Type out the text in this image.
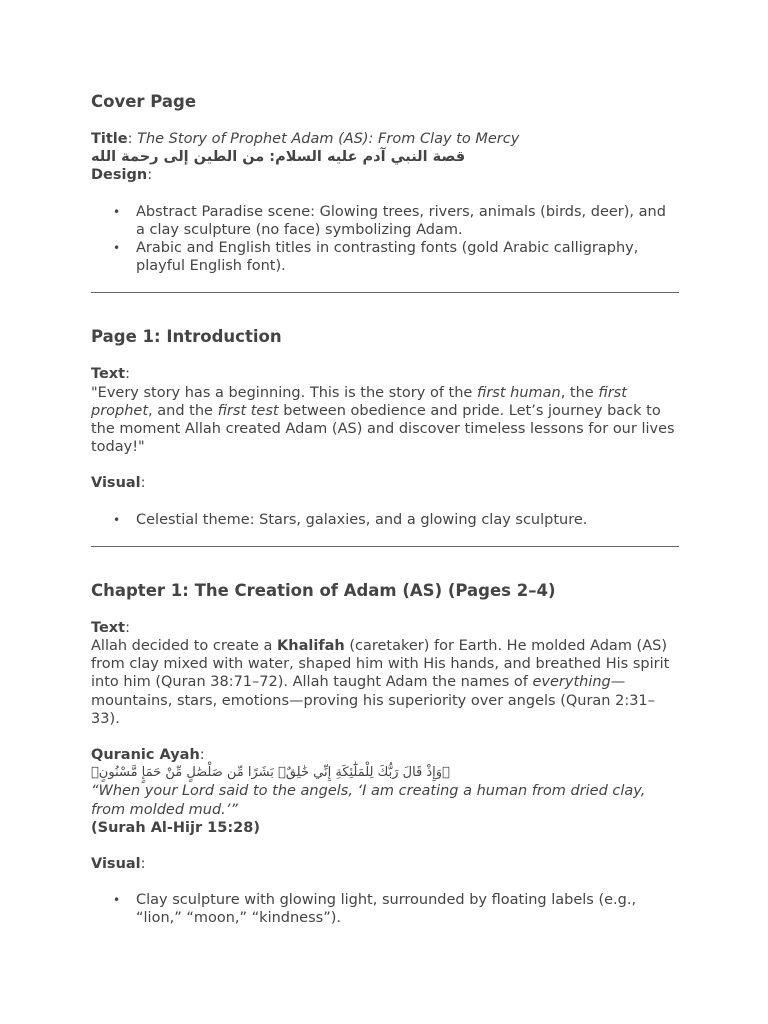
Cover Page

Title: The Story of Prophet Adam (AS): From Clay to Mercy

قصة النبي آدم عليه السلام: من الطين إلى رحمة الله

Design:

• Abstract Paradise scene: Glowing trees, rivers, animals (birds, deer), and a clay sculpture (no face) symbolizing Adam.
• Arabic and English titles in contrasting fonts (gold Arabic calligraphy, playful English font).
Page 1: Introduction

Text:

"Every story has a beginning. This is the story of the first human, the first prophet, and the first test between obedience and pride. Let’s journey back to the moment Allah created Adam (AS) and discover timeless lessons for our lives today!"

Visual:

• Celestial theme: Stars, galaxies, and a glowing clay sculpture.
Chapter 1: The Creation of Adam (AS) (Pages 2–4)

Text:

Allah decided to create a Khalifah (caretaker) for Earth. He molded Adam (AS) from clay mixed with water, shaped him with His hands, and breathed His spirit into him (Quran 38:71–72). Allah taught Adam the names of everything—mountains, stars, emotions—proving his superiority over angels (Quran 2:31–33).

Quranic Ayah:

﴿وَإِذْ قَالَ رَبُّكَ لِلْمَلَٰٓئِكَةِ إِنِّي خَٰلِقٌۢ بَشَرًا مِّن صَلْصَٰلٍ مِّنْ حَمَإٍ مَّسْنُونٍ﴾

“When your Lord said to the angels, ‘I am creating a human from dried clay, from molded mud.’”

(Surah Al-Hijr 15:28)

Visual:

• Clay sculpture with glowing light, surrounded by floating labels (e.g., “lion,” “moon,” “kindness”).
